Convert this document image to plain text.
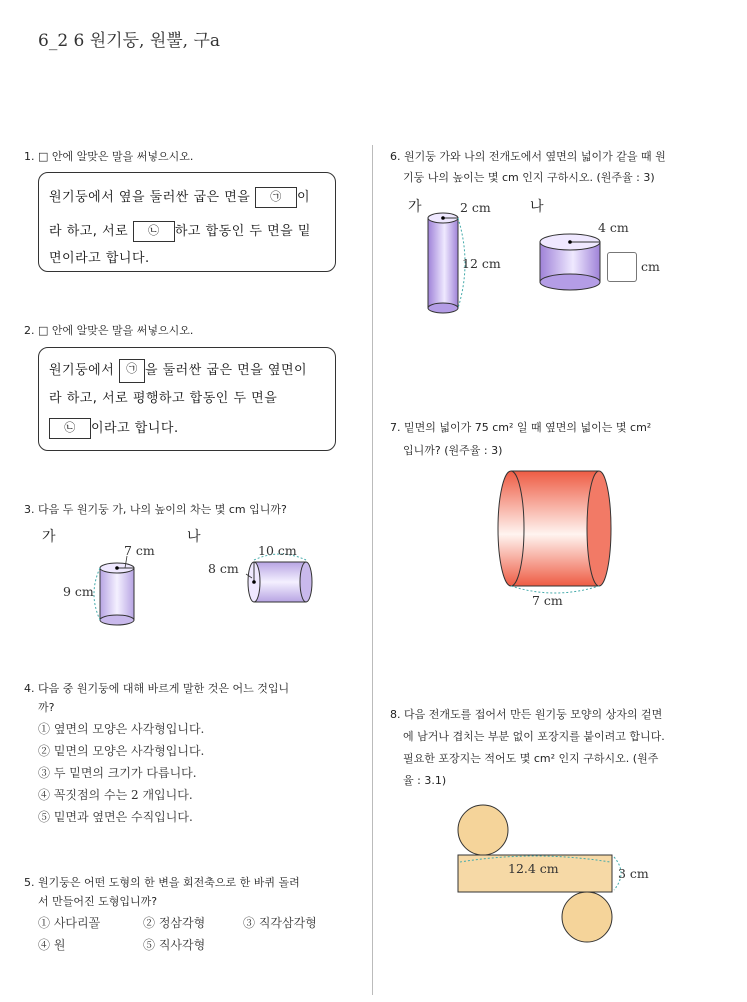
6_2 6 원기둥, 원뿔, 구a
1. □ 안에 알맞은 말을 써넣으시오.
원기둥에서 옆을 둘러싼 굽은 면을 ㉠ 이
라 하고, 서로 ㉡ 하고 합동인 두 면을 밑
면이라고 합니다.
2. □ 안에 알맞은 말을 써넣으시오.
원기둥에서 ㉠ 을 둘러싼 굽은 면을 옆면이
라 하고, 서로 평행하고 합동인 두 면을
㉡ 이라고 합니다.
3. 다음 두 원기둥 가, 나의 높이의 차는 몇 cm 입니까?
가	나
7 cm
9 cm
10 cm
8 cm
4. 다음 중 원기둥에 대해 바르게 말한 것은 어느 것입니
까?
① 옆면의 모양은 사각형입니다.
② 밑면의 모양은 사각형입니다.
③ 두 밑면의 크기가 다릅니다.
④ 꼭짓점의 수는 2 개입니다.
⑤ 밑면과 옆면은 수직입니다.
5. 원기둥은 어떤 도형의 한 변을 회전축으로 한 바퀴 돌려
서 만들어진 도형입니까?
① 사다리꼴	② 정삼각형	③ 직각삼각형
④ 원	⑤ 직사각형
6. 원기둥 가와 나의 전개도에서 옆면의 넓이가 같을 때 원
기둥 나의 높이는 몇 cm 인지 구하시오. (원주율 : 3)
가	나
2 cm
12 cm
4 cm
cm
7. 밑면의 넓이가 75 cm² 일 때 옆면의 넓이는 몇 cm²
입니까? (원주율 : 3)
7 cm
8. 다음 전개도를 접어서 만든 원기둥 모양의 상자의 겉면
에 남거나 겹치는 부분 없이 포장지를 붙이려고 합니다.
필요한 포장지는 적어도 몇 cm² 인지 구하시오. (원주
율 : 3.1)
12.4 cm	3 cm
